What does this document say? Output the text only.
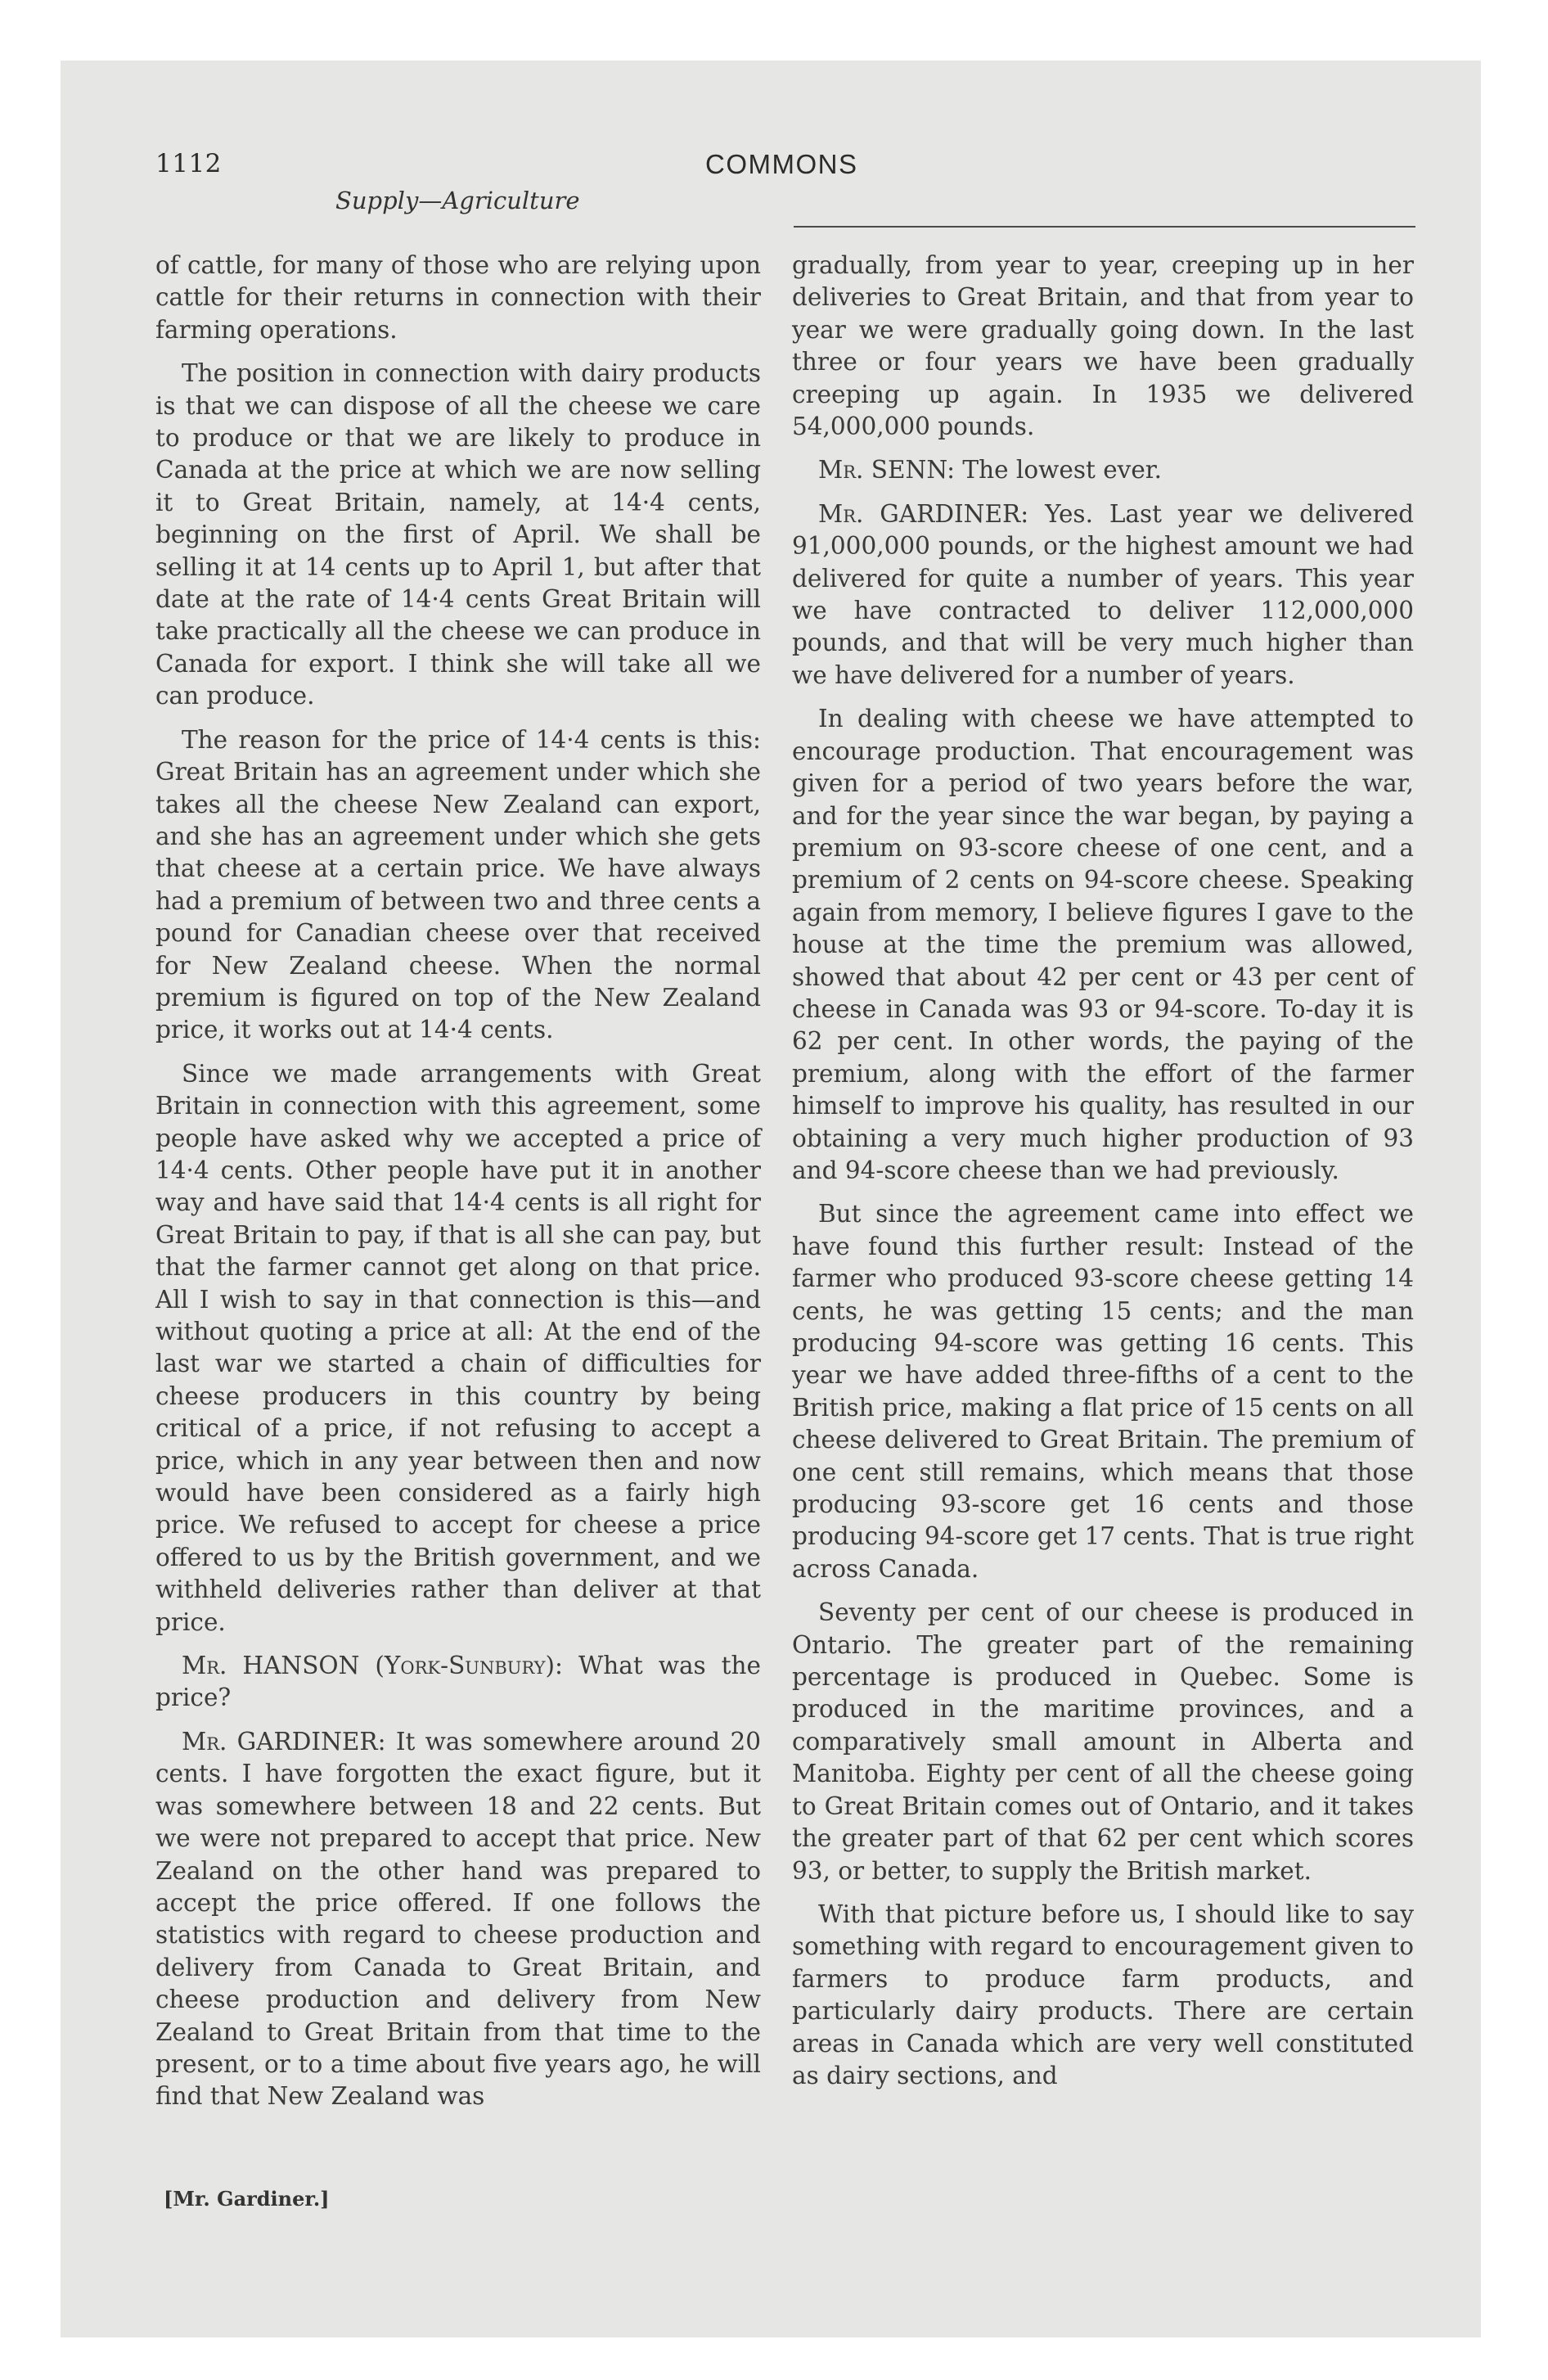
1112	COMMONS
Supply—Agriculture

of cattle, for many of those who are relying upon cattle for their returns in connection with their farming operations.

The position in connection with dairy products is that we can dispose of all the cheese we care to produce or that we are likely to produce in Canada at the price at which we are now selling it to Great Britain, namely, at 14·4 cents, beginning on the first of April. We shall be selling it at 14 cents up to April 1, but after that date at the rate of 14·4 cents Great Britain will take practically all the cheese we can produce in Canada for export. I think she will take all we can produce.

The reason for the price of 14·4 cents is this: Great Britain has an agreement under which she takes all the cheese New Zealand can export, and she has an agreement under which she gets that cheese at a certain price. We have always had a premium of between two and three cents a pound for Canadian cheese over that received for New Zealand cheese. When the normal premium is figured on top of the New Zealand price, it works out at 14·4 cents.

Since we made arrangements with Great Britain in connection with this agreement, some people have asked why we accepted a price of 14·4 cents. Other people have put it in another way and have said that 14·4 cents is all right for Great Britain to pay, if that is all she can pay, but that the farmer cannot get along on that price. All I wish to say in that connection is this—and without quoting a price at all: At the end of the last war we started a chain of difficulties for cheese producers in this country by being critical of a price, if not refusing to accept a price, which in any year between then and now would have been considered as a fairly high price. We refused to accept for cheese a price offered to us by the British government, and we withheld deliveries rather than deliver at that price.

Mr. HANSON (York-Sunbury): What was the price?

Mr. GARDINER: It was somewhere around 20 cents. I have forgotten the exact figure, but it was somewhere between 18 and 22 cents. But we were not prepared to accept that price. New Zealand on the other hand was prepared to accept the price offered. If one follows the statistics with regard to cheese production and delivery from Canada to Great Britain, and cheese production and delivery from New Zealand to Great Britain from that time to the present, or to a time about five years ago, he will find that New Zealand was

gradually, from year to year, creeping up in her deliveries to Great Britain, and that from year to year we were gradually going down. In the last three or four years we have been gradually creeping up again. In 1935 we delivered 54,000,000 pounds.

Mr. SENN: The lowest ever.

Mr. GARDINER: Yes. Last year we delivered 91,000,000 pounds, or the highest amount we had delivered for quite a number of years. This year we have contracted to deliver 112,000,000 pounds, and that will be very much higher than we have delivered for a number of years.

In dealing with cheese we have attempted to encourage production. That encouragement was given for a period of two years before the war, and for the year since the war began, by paying a premium on 93-score cheese of one cent, and a premium of 2 cents on 94-score cheese. Speaking again from memory, I believe figures I gave to the house at the time the premium was allowed, showed that about 42 per cent or 43 per cent of cheese in Canada was 93 or 94-score. To-day it is 62 per cent. In other words, the paying of the premium, along with the effort of the farmer himself to improve his quality, has resulted in our obtaining a very much higher production of 93 and 94-score cheese than we had previously.

But since the agreement came into effect we have found this further result: Instead of the farmer who produced 93-score cheese getting 14 cents, he was getting 15 cents; and the man producing 94-score was getting 16 cents. This year we have added three-fifths of a cent to the British price, making a flat price of 15 cents on all cheese delivered to Great Britain. The premium of one cent still remains, which means that those producing 93-score get 16 cents and those producing 94-score get 17 cents. That is true right across Canada.

Seventy per cent of our cheese is produced in Ontario. The greater part of the remaining percentage is produced in Quebec. Some is produced in the maritime provinces, and a comparatively small amount in Alberta and Manitoba. Eighty per cent of all the cheese going to Great Britain comes out of Ontario, and it takes the greater part of that 62 per cent which scores 93, or better, to supply the British market.

With that picture before us, I should like to say something with regard to encouragement given to farmers to produce farm products, and particularly dairy products. There are certain areas in Canada which are very well constituted as dairy sections, and

[Mr. Gardiner.]
